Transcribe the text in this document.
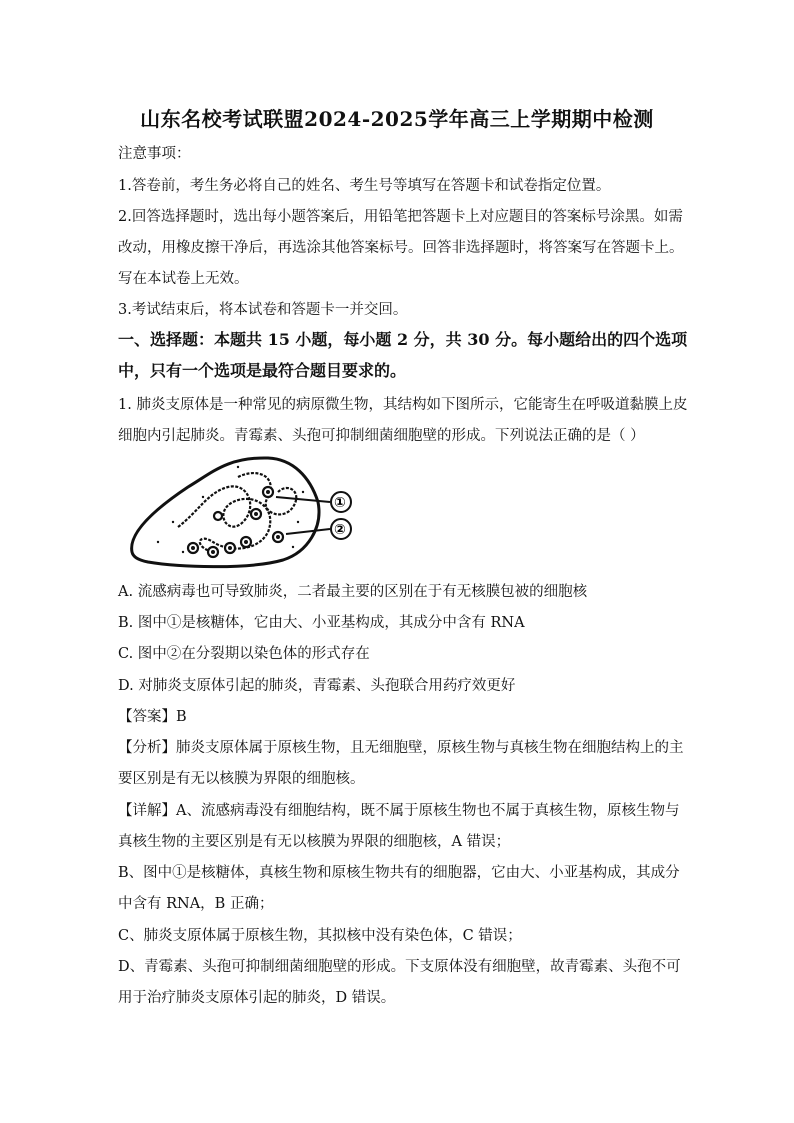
山东名校考试联盟2024-2025学年高三上学期期中检测
注意事项：
1.答卷前，考生务必将自己的姓名、考生号等填写在答题卡和试卷指定位置。
2.回答选择题时，选出每小题答案后，用铅笔把答题卡上对应题目的答案标号涂黑。如需
改动，用橡皮擦干净后，再选涂其他答案标号。回答非选择题时，将答案写在答题卡上。
写在本试卷上无效。
3.考试结束后，将本试卷和答题卡一并交回。
一、选择题：本题共 15 小题，每小题 2 分，共 30 分。每小题给出的四个选项
中，只有一个选项是最符合题目要求的。
1. 肺炎支原体是一种常见的病原微生物，其结构如下图所示，它能寄生在呼吸道黏膜上皮
细胞内引起肺炎。青霉素、头孢可抑制细菌细胞壁的形成。下列说法正确的是（ ）
①
②
A. 流感病毒也可导致肺炎，二者最主要的区别在于有无核膜包被的细胞核
B. 图中①是核糖体，它由大、小亚基构成，其成分中含有 RNA
C. 图中②在分裂期以染色体的形式存在
D. 对肺炎支原体引起的肺炎，青霉素、头孢联合用药疗效更好
【答案】B
【分析】肺炎支原体属于原核生物，且无细胞壁，原核生物与真核生物在细胞结构上的主
要区别是有无以核膜为界限的细胞核。
【详解】A、流感病毒没有细胞结构，既不属于原核生物也不属于真核生物，原核生物与
真核生物的主要区别是有无以核膜为界限的细胞核，A 错误；
B、图中①是核糖体，真核生物和原核生物共有的细胞器，它由大、小亚基构成，其成分
中含有 RNA，B 正确；
C、肺炎支原体属于原核生物，其拟核中没有染色体，C 错误；
D、青霉素、头孢可抑制细菌细胞壁的形成。下支原体没有细胞壁，故青霉素、头孢不可
用于治疗肺炎支原体引起的肺炎，D 错误。
